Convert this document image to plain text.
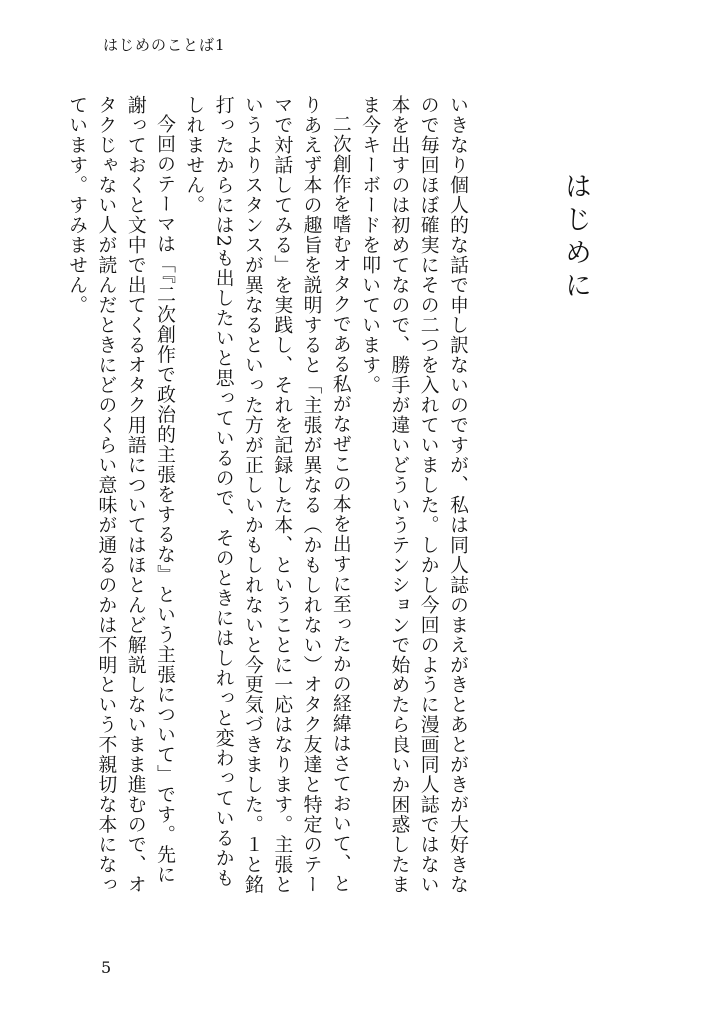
はじめのことば1
はじめに

いきなり個人的な話で申し訳ないのですが、私は同人誌のまえがきとあとがきが大好きなので毎回ほぼ確実にその二つを入れていました。しかし今回のように漫画同人誌ではない本を出すのは初めてなので、勝手が違いどういうテンションで始めたら良いか困惑したまま今キーボードを叩いています。

二次創作を嗜むオタクである私がなぜこの本を出すに至ったかの経緯はさておいて、とりあえず本の趣旨を説明すると「主張が異なる（かもしれない）オタク友達と特定のテーマで対話してみる」を実践し、それを記録した本、ということに一応はなります。主張というよりスタンスが異なるといった方が正しいかもしれないと今更気づきました。１と銘打ったからには2も出したいと思っているので、そのときにはしれっと変わっているかもしれません。

今回のテーマは「『二次創作で政治的主張をするな』という主張について」です。先に謝っておくと文中で出てくるオタク用語についてはほとんど解説しないまま進むので、オタクじゃない人が読んだときにどのくらい意味が通るのかは不明という不親切な本になっています。すみません。

5
